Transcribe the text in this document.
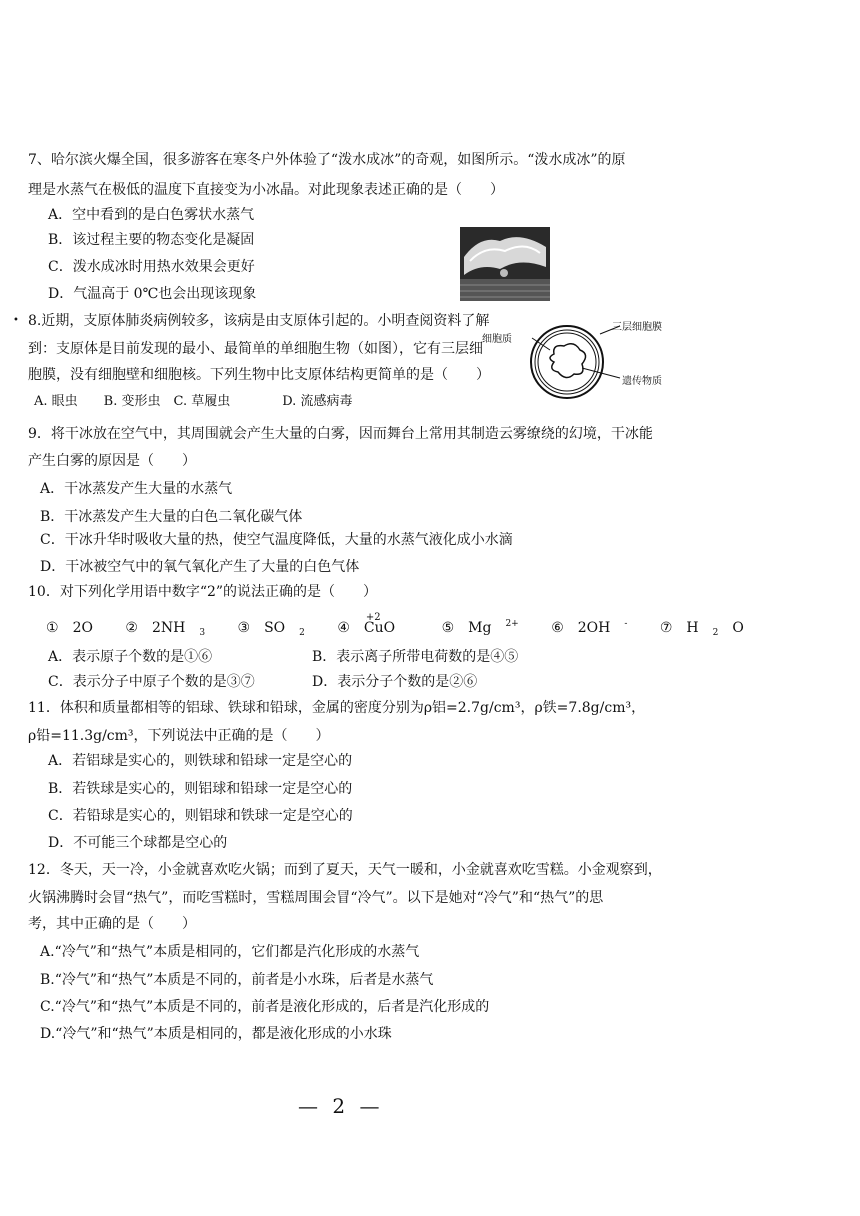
7、哈尔滨火爆全国，很多游客在寒冬户外体验了“泼水成冰”的奇观，如图所示。“泼水成冰”的原
理是水蒸气在极低的温度下直接变为小冰晶。对此现象表述正确的是（　　）
A．空中看到的是白色雾状水蒸气
B．该过程主要的物态变化是凝固
C．泼水成冰时用热水效果会更好
D．气温高于 0℃也会出现该现象
• 8.近期，支原体肺炎病例较多，该病是由支原体引起的。小明查阅资料了解
到：支原体是目前发现的最小、最简单的单细胞生物（如图），它有三层细
胞膜，没有细胞壁和细胞核。下列生物中比支原体结构更简单的是（　　）
A. 眼虫　　B. 变形虫　C. 草履虫　　　　D. 流感病毒
细胞质
三层细胞膜
遗传物质
9．将干冰放在空气中，其周围就会产生大量的白雾，因而舞台上常用其制造云雾缭绕的幻境，干冰能
产生白雾的原因是（　　）
A．干冰蒸发产生大量的水蒸气
B．干冰蒸发产生大量的白色二氧化碳气体
C．干冰升华时吸收大量的热，使空气温度降低，大量的水蒸气液化成小水滴
D．干冰被空气中的氧气氧化产生了大量的白色气体
10．对下列化学用语中数字“2”的说法正确的是（　　）
① 2O ② 2NH $_3$ ③ SO $_2$ ④
+2
CuO	⑤ Mg $^{2+}$ ⑥ 2OH - ⑦ H $_2$ O
A．表示原子个数的是①⑥	B．表示离子所带电荷数的是④⑤
C．表示分子中原子个数的是③⑦	D．表示分子个数的是②⑥
11．体积和质量都相等的铝球、铁球和铅球，金属的密度分别为ρ铝=2.7g/cm³，ρ铁=7.8g/cm³，
ρ铅=11.3g/cm³，下列说法中正确的是（　　）
A．若铝球是实心的，则铁球和铅球一定是空心的
B．若铁球是实心的，则铝球和铅球一定是空心的
C．若铅球是实心的，则铝球和铁球一定是空心的
D．不可能三个球都是空心的
12．冬天，天一冷，小金就喜欢吃火锅；而到了夏天，天气一暖和，小金就喜欢吃雪糕。小金观察到，
火锅沸腾时会冒“热气”，而吃雪糕时，雪糕周围会冒“冷气”。以下是她对“冷气”和“热气”的思
考，其中正确的是（　　）
A.“冷气”和“热气”本质是相同的，它们都是汽化形成的水蒸气
B.“冷气”和“热气”本质是不同的，前者是小水珠，后者是水蒸气
C.“冷气”和“热气”本质是不同的，前者是液化形成的，后者是汽化形成的
D.“冷气”和“热气”本质是相同的，都是液化形成的小水珠
— 2 —
